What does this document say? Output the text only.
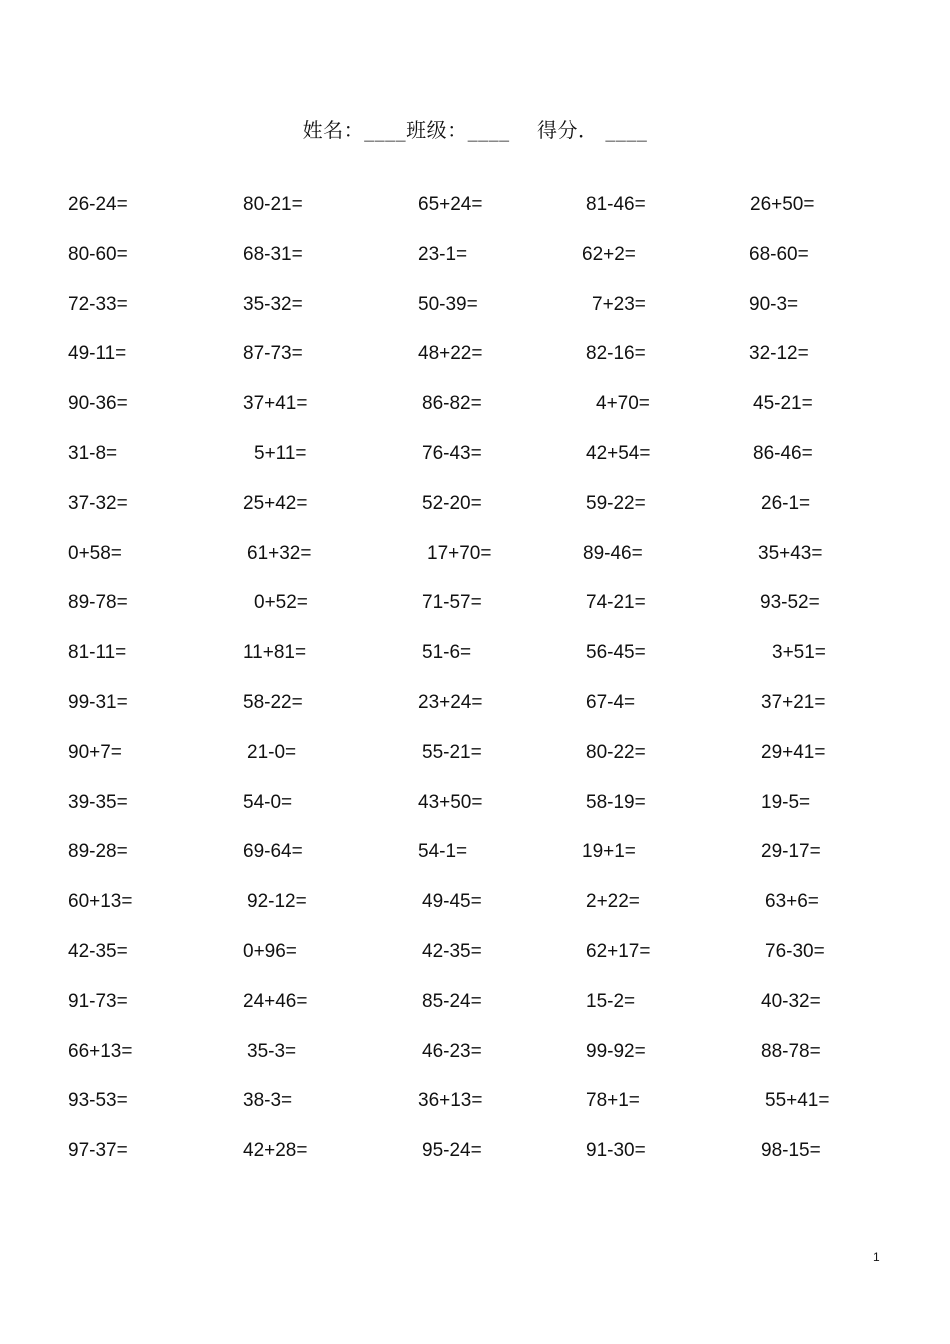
姓名：____班级：____ 得分． ____
26-24=	80-21=	65+24=	81-46=	26+50=
80-60=	68-31=	23-1=	62+2=	68-60=
72-33=	35-32=	50-39=	7+23=	90-3=
49-11=	87-73=	48+22=	82-16=	32-12=
90-36=	37+41=	86-82=	4+70=	45-21=
31-8=	5+11=	76-43=	42+54=	86-46=
37-32=	25+42=	52-20=	59-22=	26-1=
0+58=	61+32=	17+70=	89-46=	35+43=
89-78=	0+52=	71-57=	74-21=	93-52=
81-11=	11+81=	51-6=	56-45=	3+51=
99-31=	58-22=	23+24=	67-4=	37+21=
90+7=	21-0=	55-21=	80-22=	29+41=
39-35=	54-0=	43+50=	58-19=	19-5=
89-28=	69-64=	54-1=	19+1=	29-17=
60+13=	92-12=	49-45=	2+22=	63+6=
42-35=	0+96=	42-35=	62+17=	76-30=
91-73=	24+46=	85-24=	15-2=	40-32=
66+13=	35-3=	46-23=	99-92=	88-78=
93-53=	38-3=	36+13=	78+1=	55+41=
97-37=	42+28=	95-24=	91-30=	98-15=
1
